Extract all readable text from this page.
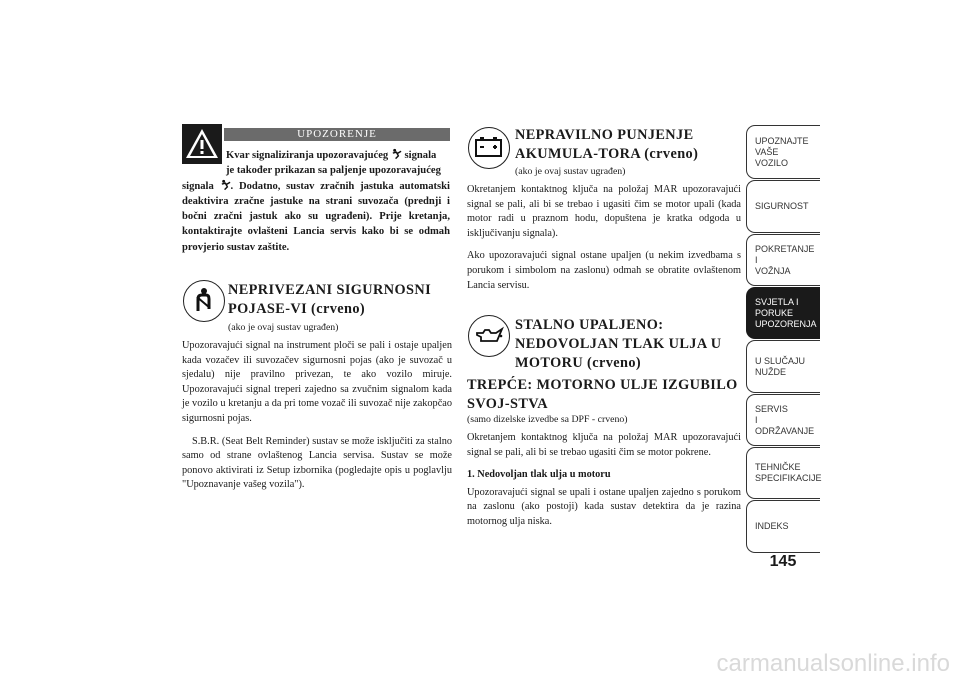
UPOZORENJE
Kvar signaliziranja upozoravajućeg signala
je također prikazan sa paljenje upozoravajućeg
signala . Dodatno, sustav zračnih jastuka automatski deaktivira zračne jastuke na strani suvozača (prednji i bočni zračni jastuk ako su ugrađeni). Prije kretanja, kontaktirajte ovlašteni Lancia servis kako bi se odmah provjerio sustav zaštite.
NEPRIVEZANI SIGURNOSNI POJASE-VI (crveno)
(ako je ovaj sustav ugrađen)

Upozoravajući signal na instrument ploči se pali i ostaje upaljen kada vozačev ili suvozačev sigurnosni pojas (ako je suvozač u sjedalu) nije pravilno privezan, te ako vozilo miruje. Upozoravajući signal treperi zajedno sa zvučnim signalom kada je vozilo u kretanju a da pri tome vozač ili suvozač nije zakopčao sigurnosni pojas.

S.B.R. (Seat Belt Reminder) sustav se može isključiti za stalno samo od strane ovlaštenog Lancia servisa. Sustav se može ponovo aktivirati iz Setup izbornika (pogledajte opis u poglavlju "Upoznavanje vašeg vozila").

NEPRAVILNO PUNJENJE AKUMULA-TORA (crveno)
(ako je ovaj sustav ugrađen)

Okretanjem kontaktnog ključa na položaj MAR upozoravajući signal se pali, ali bi se trebao i ugasiti čim se motor upali (kada motor radi u praznom hodu, dopuštena je kratka odgoda u isključivanju signala).

Ako upozoravajući signal ostane upaljen (u nekim izvedbama s porukom i simbolom na zaslonu) odmah se obratite ovlaštenom Lancia servisu.

STALNO UPALJENO: NEDOVOLJAN TLAK ULJA U MOTORU (crveno)
TREPĆE: MOTORNO ULJE IZGUBILO SVOJ-STVA
(samo dizelske izvedbe sa DPF - crveno)

Okretanjem kontaktnog ključa na položaj MAR upozoravajući signal se pali, ali bi se trebao ugasiti čim se motor pokrene.

1. Nedovoljan tlak ulja u motoru

Upozoravajući signal se upali i ostane upaljen zajedno s porukom na zaslonu (ako postoji) kada sustav detektira da je razina motornog ulja niska.

UPOZNAJTE
VAŠE
VOZILO
SIGURNOST
POKRETANJE
I
VOŽNJA
SVJETLA I
PORUKE
UPOZORENJA
U SLUČAJU
NUŽDE
SERVIS
I
ODRŽAVANJE
TEHNIČKE
SPECIFIKACIJE
INDEKS
145
carmanualsonline.info
